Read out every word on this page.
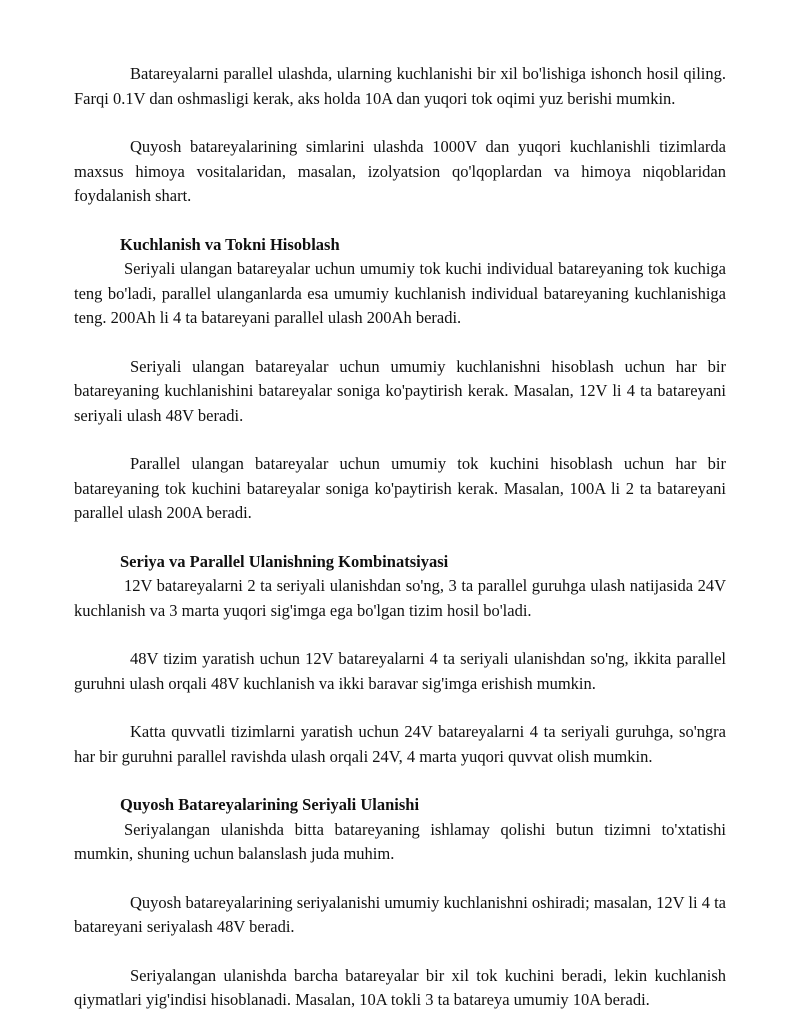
Batareyalarni parallel ulashda, ularning kuchlanishi bir xil bo'lishiga ishonch hosil qiling. Farqi 0.1V dan oshmasligi kerak, aks holda 10A dan yuqori tok oqimi yuz berishi mumkin.

Quyosh batareyalarining simlarini ulashda 1000V dan yuqori kuchlanishli tizimlarda maxsus himoya vositalaridan, masalan, izolyatsion qo'lqoplardan va himoya niqoblaridan foydalanish shart.

Kuchlanish va Tokni Hisoblash

Seriyali ulangan batareyalar uchun umumiy tok kuchi individual batareyaning tok kuchiga teng bo'ladi, parallel ulanganlarda esa umumiy kuchlanish individual batareyaning kuchlanishiga teng. 200Ah li 4 ta batareyani parallel ulash 200Ah beradi.

Seriyali ulangan batareyalar uchun umumiy kuchlanishni hisoblash uchun har bir batareyaning kuchlanishini batareyalar soniga ko'paytirish kerak. Masalan, 12V li 4 ta batareyani seriyali ulash 48V beradi.

Parallel ulangan batareyalar uchun umumiy tok kuchini hisoblash uchun har bir batareyaning tok kuchini batareyalar soniga ko'paytirish kerak. Masalan, 100A li 2 ta batareyani parallel ulash 200A beradi.

Seriya va Parallel Ulanishning Kombinatsiyasi

12V batareyalarni 2 ta seriyali ulanishdan so'ng, 3 ta parallel guruhga ulash natijasida 24V kuchlanish va 3 marta yuqori sig'imga ega bo'lgan tizim hosil bo'ladi.

48V tizim yaratish uchun 12V batareyalarni 4 ta seriyali ulanishdan so'ng, ikkita parallel guruhni ulash orqali 48V kuchlanish va ikki baravar sig'imga erishish mumkin.

Katta quvvatli tizimlarni yaratish uchun 24V batareyalarni 4 ta seriyali guruhga, so'ngra har bir guruhni parallel ravishda ulash orqali 24V, 4 marta yuqori quvvat olish mumkin.

Quyosh Batareyalarining Seriyali Ulanishi

Seriyalangan ulanishda bitta batareyaning ishlamay qolishi butun tizimni to'xtatishi mumkin, shuning uchun balanslash juda muhim.

Quyosh batareyalarining seriyalanishi umumiy kuchlanishni oshiradi; masalan, 12V li 4 ta batareyani seriyalash 48V beradi.

Seriyalangan ulanishda barcha batareyalar bir xil tok kuchini beradi, lekin kuchlanish qiymatlari yig'indisi hisoblanadi. Masalan, 10A tokli 3 ta batareya umumiy 10A beradi.
